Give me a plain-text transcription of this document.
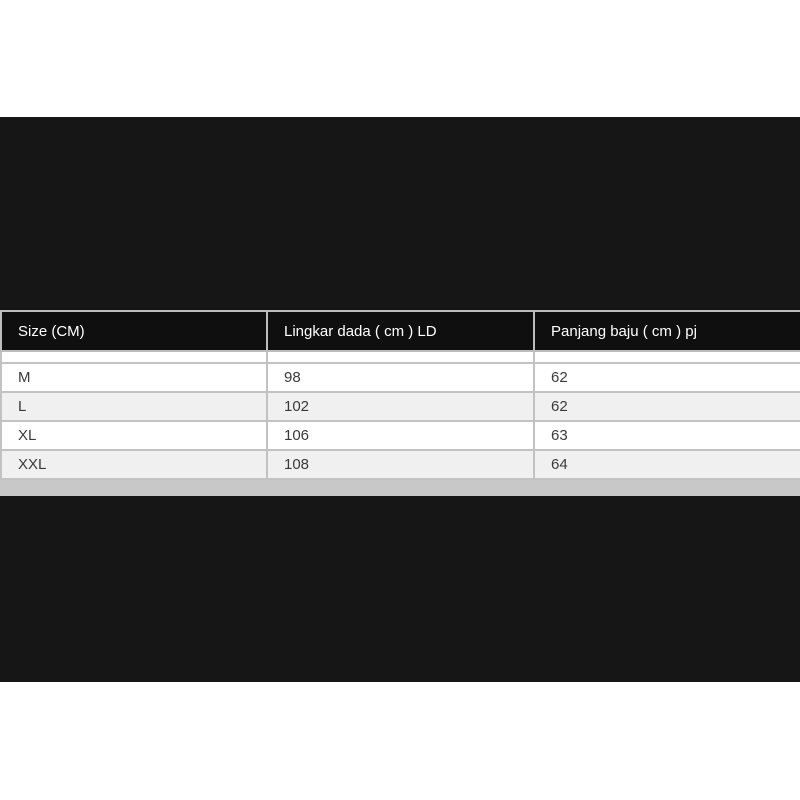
Size (CM)	Lingkar dada ( cm ) LD	Panjang baju ( cm ) pj

M	98	62
L	102	62
XL	106	63
XXL	108	64
